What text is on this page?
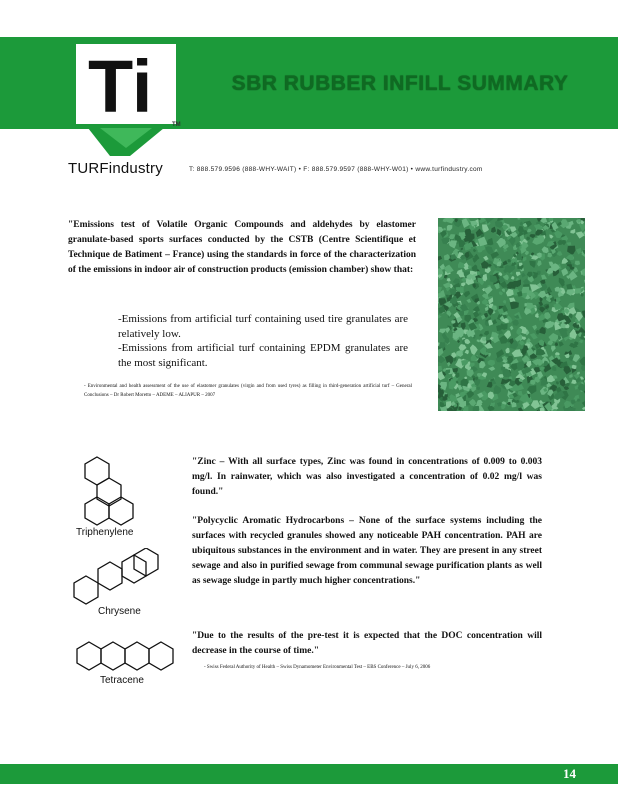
Ti	TM
TURFindustry
SBR RUBBER INFILL SUMMARY
T: 888.579.9596 (888-WHY-WAIT) • F: 888.579.9597 (888-WHY-W01) • www.turfindustry.com
"Emissions test of Volatile Organic Compounds and aldehydes by elastomer granulate-based sports surfaces conducted by the CSTB (Centre Scientifique et Technique de Batiment – France) using the standards in force of the characterization of the emissions in indoor air of construction products (emission chamber) show that:
-Emissions from artificial turf containing used tire granulates are relatively low.
-Emissions from artificial turf containing EPDM granulates are the most significant.
- Environmental and health assessment of the use of elastomer granulates (virgin and from used tyres) as filling in third-generation artificial turf – General Conclusions – Dr Robert Moretto – ADEME – ALIAPUR – 2007
Triphenylene
Chrysene
Tetracene
"Zinc – With all surface types, Zinc was found in concentrations of 0.009 to 0.003 mg/l. In rainwater, which was also investigated a concentration of 0.02 mg/l was found."
"Polycyclic Aromatic Hydrocarbons – None of the surface systems including the surfaces with recycled granules showed any noticeable PAH concentration. PAH are ubiquitous substances in the environment and in water. They are present in any street sewage and also in purified sewage from communal sewage purification plants as well as sewage sludge in partly much higher concentrations."
"Due to the results of the pre-test it is expected that the DOC concentration will decrease in the course of time."
- Swiss Federal Authority of Health – Swiss Dynamometer Environmental Test – EBS Conference – July 6, 2006
14
